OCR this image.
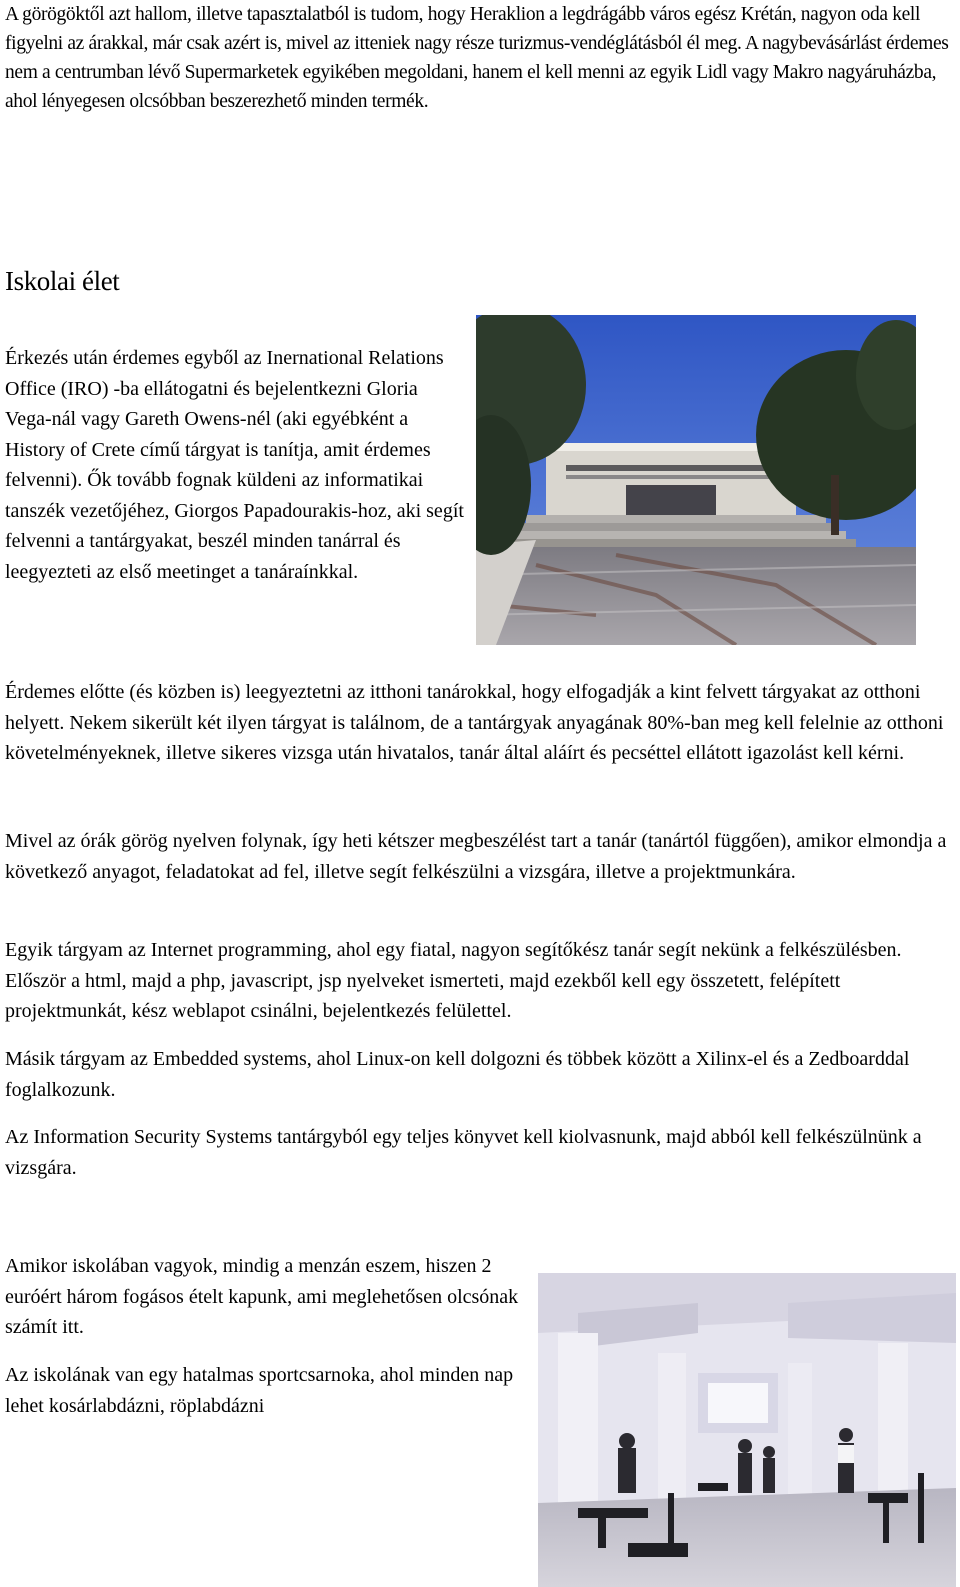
A görögöktől azt hallom, illetve tapasztalatból is tudom, hogy Heraklion a legdrágább város egész Krétán, nagyon oda kell figyelni az árakkal, már csak azért is, mivel az itteniek nagy része turizmus-vendéglátásból él meg. A nagybevásárlást érdemes nem a centrumban lévő Supermarketek egyikében megoldani, hanem el kell menni az egyik Lidl vagy Makro nagyáruházba, ahol lényegesen olcsóbban beszerezhető minden termék.

Iskolai élet

Érkezés után érdemes egyből az Inernational Relations Office (IRO) -ba ellátogatni és bejelentkezni Gloria Vega-nál vagy Gareth Owens-nél (aki egyébként a History of Crete című tárgyat is tanítja, amit érdemes felvenni). Ők tovább fognak küldeni az informatikai tanszék vezetőjéhez, Giorgos Papadourakis-hoz, aki segít felvenni a tantárgyakat, beszél minden tanárral és leegyezteti az első meetinget a tanáraínkkal.

Érdemes előtte (és közben is) leegyeztetni az itthoni tanárokkal, hogy elfogadják a kint felvett tárgyakat az otthoni helyett. Nekem sikerült két ilyen tárgyat is találnom, de a tantárgyak anyagának 80%-ban meg kell felelnie az otthoni követelményeknek, illetve sikeres vizsga után hivatalos, tanár által aláírt és pecséttel ellátott igazolást kell kérni.

Mivel az órák görög nyelven folynak, így heti kétszer megbeszélést tart a tanár (tanártól függően), amikor elmondja a következő anyagot, feladatokat ad fel, illetve segít felkészülni a vizsgára, illetve a projektmunkára.

Egyik tárgyam az Internet programming, ahol egy fiatal, nagyon segítőkész tanár segít nekünk a felkészülésben. Először a html, majd a php, javascript, jsp nyelveket ismerteti, majd ezekből kell egy összetett, felépített projektmunkát, kész weblapot csinálni, bejelentkezés felülettel.

Másik tárgyam az Embedded systems, ahol Linux-on kell dolgozni és többek között a Xilinx-el és a Zedboarddal foglalkozunk.

Az Information Security Systems tantárgyból egy teljes könyvet kell kiolvasnunk, majd abból kell felkészülnünk a vizsgára.

Amikor iskolában vagyok, mindig a menzán eszem, hiszen 2 euróért három fogásos ételt kapunk, ami meglehetősen olcsónak számít itt.

Az iskolának van egy hatalmas sportcsarnoka, ahol minden nap lehet kosárlabdázni, röplabdázni
